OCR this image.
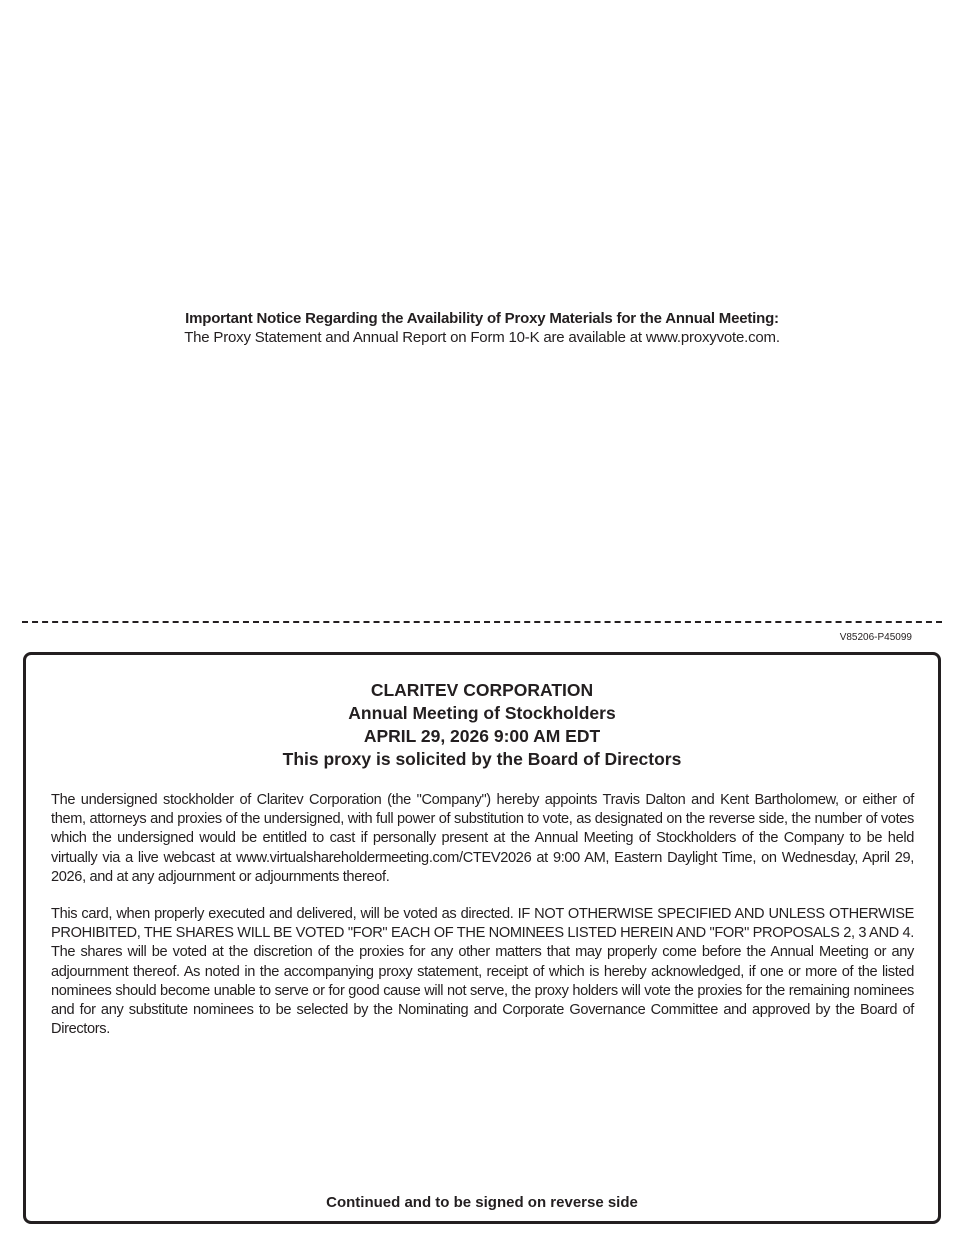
Important Notice Regarding the Availability of Proxy Materials for the Annual Meeting:
The Proxy Statement and Annual Report on Form 10-K are available at www.proxyvote.com.
V85206-P45099
CLARITEV CORPORATION
Annual Meeting of Stockholders
APRIL 29, 2026 9:00 AM EDT
This proxy is solicited by the Board of Directors
The undersigned stockholder of Claritev Corporation (the "Company") hereby appoints Travis Dalton and Kent Bartholomew, or either of them, attorneys and proxies of the undersigned, with full power of substitution to vote, as designated on the reverse side, the number of votes which the undersigned would be entitled to cast if personally present at the Annual Meeting of Stockholders of the Company to be held virtually via a live webcast at www.virtualshareholdermeeting.com/CTEV2026 at 9:00 AM, Eastern Daylight Time, on Wednesday, April 29, 2026, and at any adjournment or adjournments thereof.
This card, when properly executed and delivered, will be voted as directed. IF NOT OTHERWISE SPECIFIED AND UNLESS OTHERWISE PROHIBITED, THE SHARES WILL BE VOTED "FOR" EACH OF THE NOMINEES LISTED HEREIN AND "FOR" PROPOSALS 2, 3 AND 4. The shares will be voted at the discretion of the proxies for any other matters that may properly come before the Annual Meeting or any adjournment thereof. As noted in the accompanying proxy statement, receipt of which is hereby acknowledged, if one or more of the listed nominees should become unable to serve or for good cause will not serve, the proxy holders will vote the proxies for the remaining nominees and for any substitute nominees to be selected by the Nominating and Corporate Governance Committee and approved by the Board of Directors.
Continued and to be signed on reverse side
